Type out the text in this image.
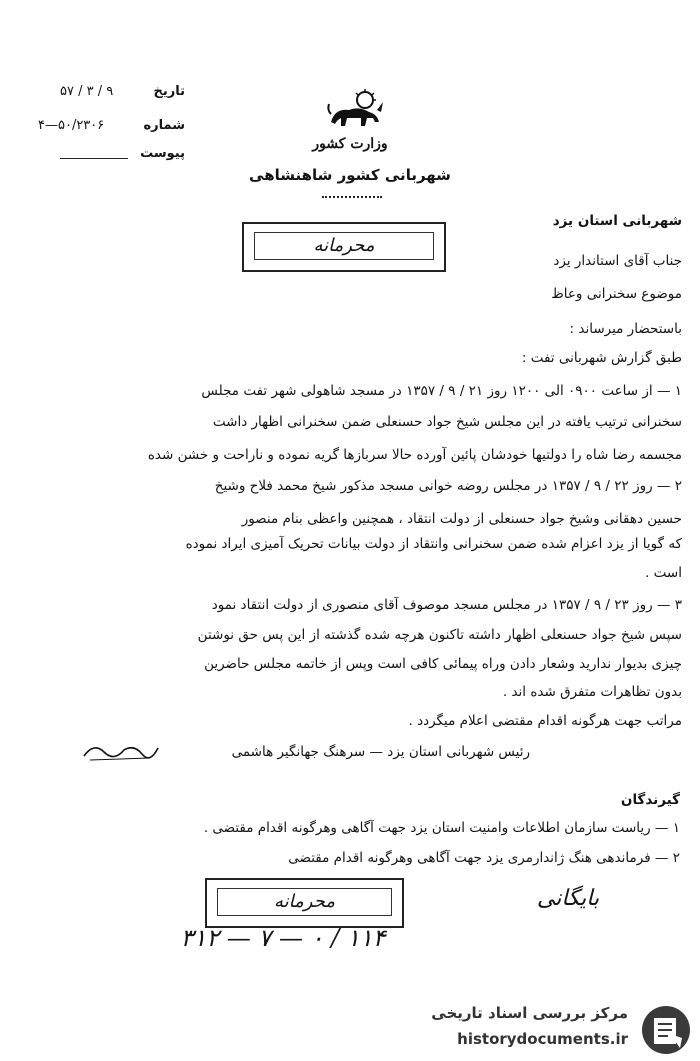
تاریخ
۹ / ۳ / ۵۷
شماره
۵۰/۲۳۰۶—۴
پیوست
وزارت کشور
شهربانی کشور شاهنشاهی
محرمانه
شهربانی استان یزد
جناب آقای استاندار یزد
موضوع سخنرانی وعاظ
باستحضار میرساند :
طبق گزارش شهربانی تفت :
۱ — از ساعت ۰۹۰۰ الی ۱۲۰۰ روز ۲۱ / ۹ / ۱۳۵۷ در مسجد شاهولی شهر تفت مجلس
سخنرانی ترتیب یافته در این مجلس شیخ جواد حسنعلی ضمن سخنرانی اظهار داشت
مجسمه رضا شاه را دولتیها خودشان پائین آورده حالا سربازها گریه نموده و ناراحت و خشن شده
۲ — روز ۲۲ / ۹ / ۱۳۵۷ در مجلس روضه خوانی مسجد مذکور شیخ محمد فلاح وشیخ
حسین دهقانی وشیخ جواد حسنعلی از دولت انتقاد ، همچنین واعظی بنام منصور
که گویا از یزد اعزام شده ضمن سخنرانی وانتقاد از دولت بیانات تحریک آمیزی ایراد نموده
است .
۳ — روز ۲۳ / ۹ / ۱۳۵۷ در مجلس مسجد موصوف آقای منصوری از دولت انتقاد نمود
سپس شیخ جواد حسنعلی اظهار داشته تاکنون هرچه شده گذشته از این پس حق نوشتن
چیزی بدیوار ندارید وشعار دادن وراه پیمائی کافی است وپس از خاتمه مجلس حاضرین
بدون تظاهرات متفرق شده اند .
مراتب جهت هرگونه اقدام مقتضی اعلام میگردد .
رئیس شهربانی استان یزد — سرهنگ جهانگیر هاشمی
گیرندگان
۱ — ریاست سازمان اطلاعات وامنیت استان یزد جهت آگاهی وهرگونه اقدام مقتضی .
۲ — فرماندهی هنگ ژاندارمری یزد جهت آگاهی وهرگونه اقدام مقتضی
محرمانه
۳۱۲ — ۷ — ۰ / ۱۱۴
بایگانی
مرکز بررسی اسناد تاریخی
historydocuments.ir
